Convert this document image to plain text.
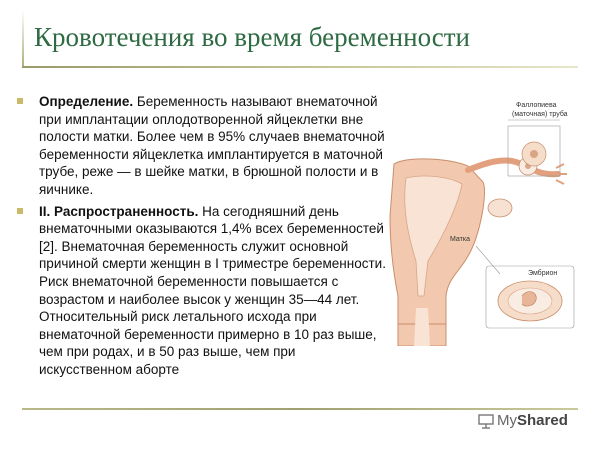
Кровотечения во время беременности
Определение. Беременность называют внематочной при имплантации оплодотворенной яйцеклетки вне полости матки. Более чем в 95% случаев внематочной беременности яйцеклетка имплантируется в маточной трубе, реже — в шейке матки, в брюшной полости и в яичнике.
II. Распространенность. На сегодняшний день внематочными оказываются 1,4% всех беременностей [2]. Внематочная беременность служит основной причиной смерти женщин в I триместре беременности. Риск внематочной беременности повышается с возрастом и наиболее высок у женщин 35—44 лет. Относительный риск летального исхода при внематочной беременности примерно в 10 раз выше, чем при родах, и в 50 раз выше, чем при искусственном аборте
Фаллопиева
(маточная) труба
Матка
Эмбрион
MyShared
